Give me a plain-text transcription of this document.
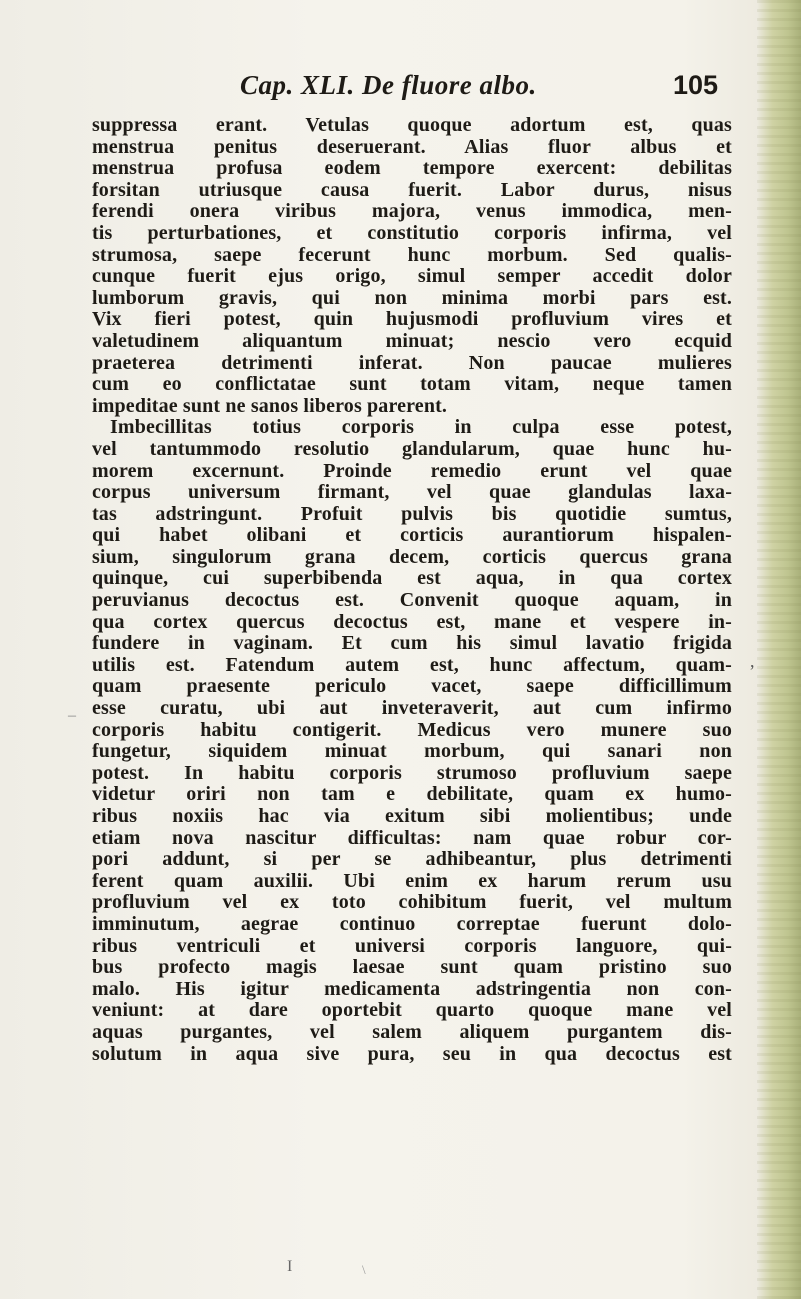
Cap. XLI. De fluore albo.	105
suppressa erant. Vetulas quoque adortum est, quas
menstrua penitus deseruerant. Alias fluor albus et
menstrua profusa eodem tempore exercent: debilitas
forsitan utriusque causa fuerit. Labor durus, nisus
ferendi onera viribus majora, venus immodica, men-
tis perturbationes, et constitutio corporis infirma, vel
strumosa, saepe fecerunt hunc morbum. Sed qualis-
cunque fuerit ejus origo, simul semper accedit dolor
lumborum gravis, qui non minima morbi pars est.
Vix fieri potest, quin hujusmodi profluvium vires et
valetudinem aliquantum minuat; nescio vero ecquid
praeterea detrimenti inferat. Non paucae mulieres
cum eo conflictatae sunt totam vitam, neque tamen
impeditae sunt ne sanos liberos parerent.
Imbecillitas totius corporis in culpa esse potest,
vel tantummodo resolutio glandularum, quae hunc hu-
morem excernunt. Proinde remedio erunt vel quae
corpus universum firmant, vel quae glandulas laxa-
tas adstringunt. Profuit pulvis bis quotidie sumtus,
qui habet olibani et corticis aurantiorum hispalen-
sium, singulorum grana decem, corticis quercus grana
quinque, cui superbibenda est aqua, in qua cortex
peruvianus decoctus est. Convenit quoque aquam, in
qua cortex quercus decoctus est, mane et vespere in-
fundere in vaginam. Et cum his simul lavatio frigida
utilis est. Fatendum autem est, hunc affectum, quam-
quam praesente periculo vacet, saepe difficillimum
esse curatu, ubi aut inveteraverit, aut cum infirmo
corporis habitu contigerit. Medicus vero munere suo
fungetur, siquidem minuat morbum, qui sanari non
potest. In habitu corporis strumoso profluvium saepe
videtur oriri non tam e debilitate, quam ex humo-
ribus noxiis hac via exitum sibi molientibus; unde
etiam nova nascitur difficultas: nam quae robur cor-
pori addunt, si per se adhibeantur, plus detrimenti
ferent quam auxilii. Ubi enim ex harum rerum usu
profluvium vel ex toto cohibitum fuerit, vel multum
imminutum, aegrae continuo correptae fuerunt dolo-
ribus ventriculi et universi corporis languore, qui-
bus profecto magis laesae sunt quam pristino suo
malo. His igitur medicamenta adstringentia non con-
veniunt: at dare oportebit quarto quoque mane vel
aquas purgantes, vel salem aliquem purgantem dis-
solutum in aqua sive pura, seu in qua decoctus est
,
‒
I	\
